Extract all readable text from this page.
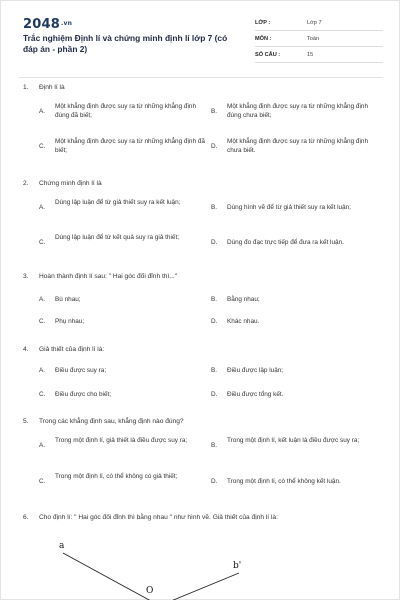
$2048^{.vn}$
Trắc nghiệm Định lí và chứng minh định lí lớp 7 (có đáp án - phần 2)
LỚP :	Lớp 7
MÔN :	Toán
SỐ CÂU :	15
1. Định lí là
A.
Một khẳng định được suy ra từ những khẳng định đúng đã biết;
B.
Một khẳng định được suy ra từ những khẳng định đúng chưa biết;
C.
Một khẳng định được suy ra từ những khẳng định đã biết;
D.
Một khẳng định được suy ra từ những khẳng định chưa biết.
2. Chứng minh định lí là
A.
Dùng lập luận để từ giả thiết suy ra kết luận;
B. Dùng hình vẽ để từ giả thiết suy ra kết luận;
C.
Dùng lập luận để từ kết quả suy ra giả thiết;
D. Dùng đo đạc trực tiếp để đưa ra kết luận.
3. Hoàn thành định lí sau: " Hai góc đối đỉnh thì..."
A. Bù nhau;	B. Bằng nhau;
C. Phụ nhau;	D. Khác nhau.
4. Giả thiết của định lí là:
A. Điều được suy ra;	B. Điều được lập luận;
C. Điều được cho biết;	D. Điều được tổng kết.
5. Trong các khẳng định sau, khẳng định nào đúng?
A.
Trong một định lí, giả thiết là điều được suy ra;
B.
Trong một định lí, kết luận là điều được suy ra;
C.
Trong một định lí, có thể không có giả thiết;
D. Trong một định lí, có thể không kết luận.
6. Cho định lí: " Hai góc đối đỉnh thì bằng nhau " như hình vẽ. Giả thiết của định lí là:
a
O
b'
